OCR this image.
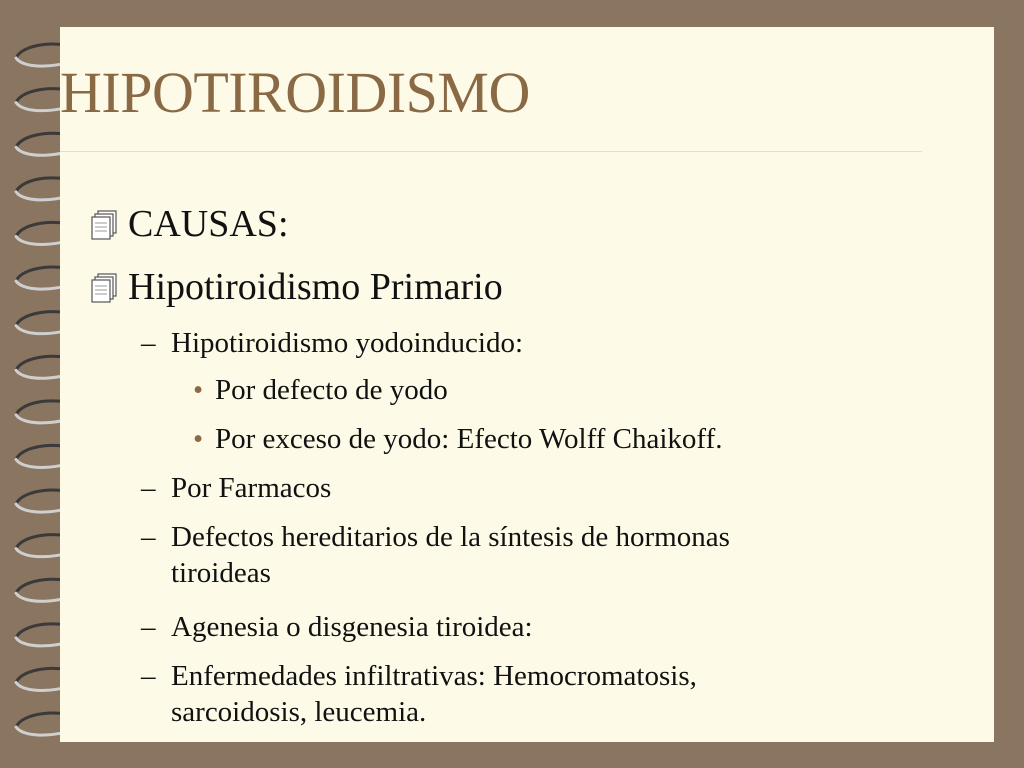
HIPOTIROIDISMO
CAUSAS:
Hipotiroidismo Primario
– Hipotiroidismo yodoinducido:
• Por defecto de yodo
• Por exceso de yodo: Efecto Wolff Chaikoff.
– Por Farmacos
– Defectos hereditarios de la síntesis de hormonas
tiroideas
– Agenesia o disgenesia tiroidea:
– Enfermedades infiltrativas: Hemocromatosis,
sarcoidosis, leucemia.
